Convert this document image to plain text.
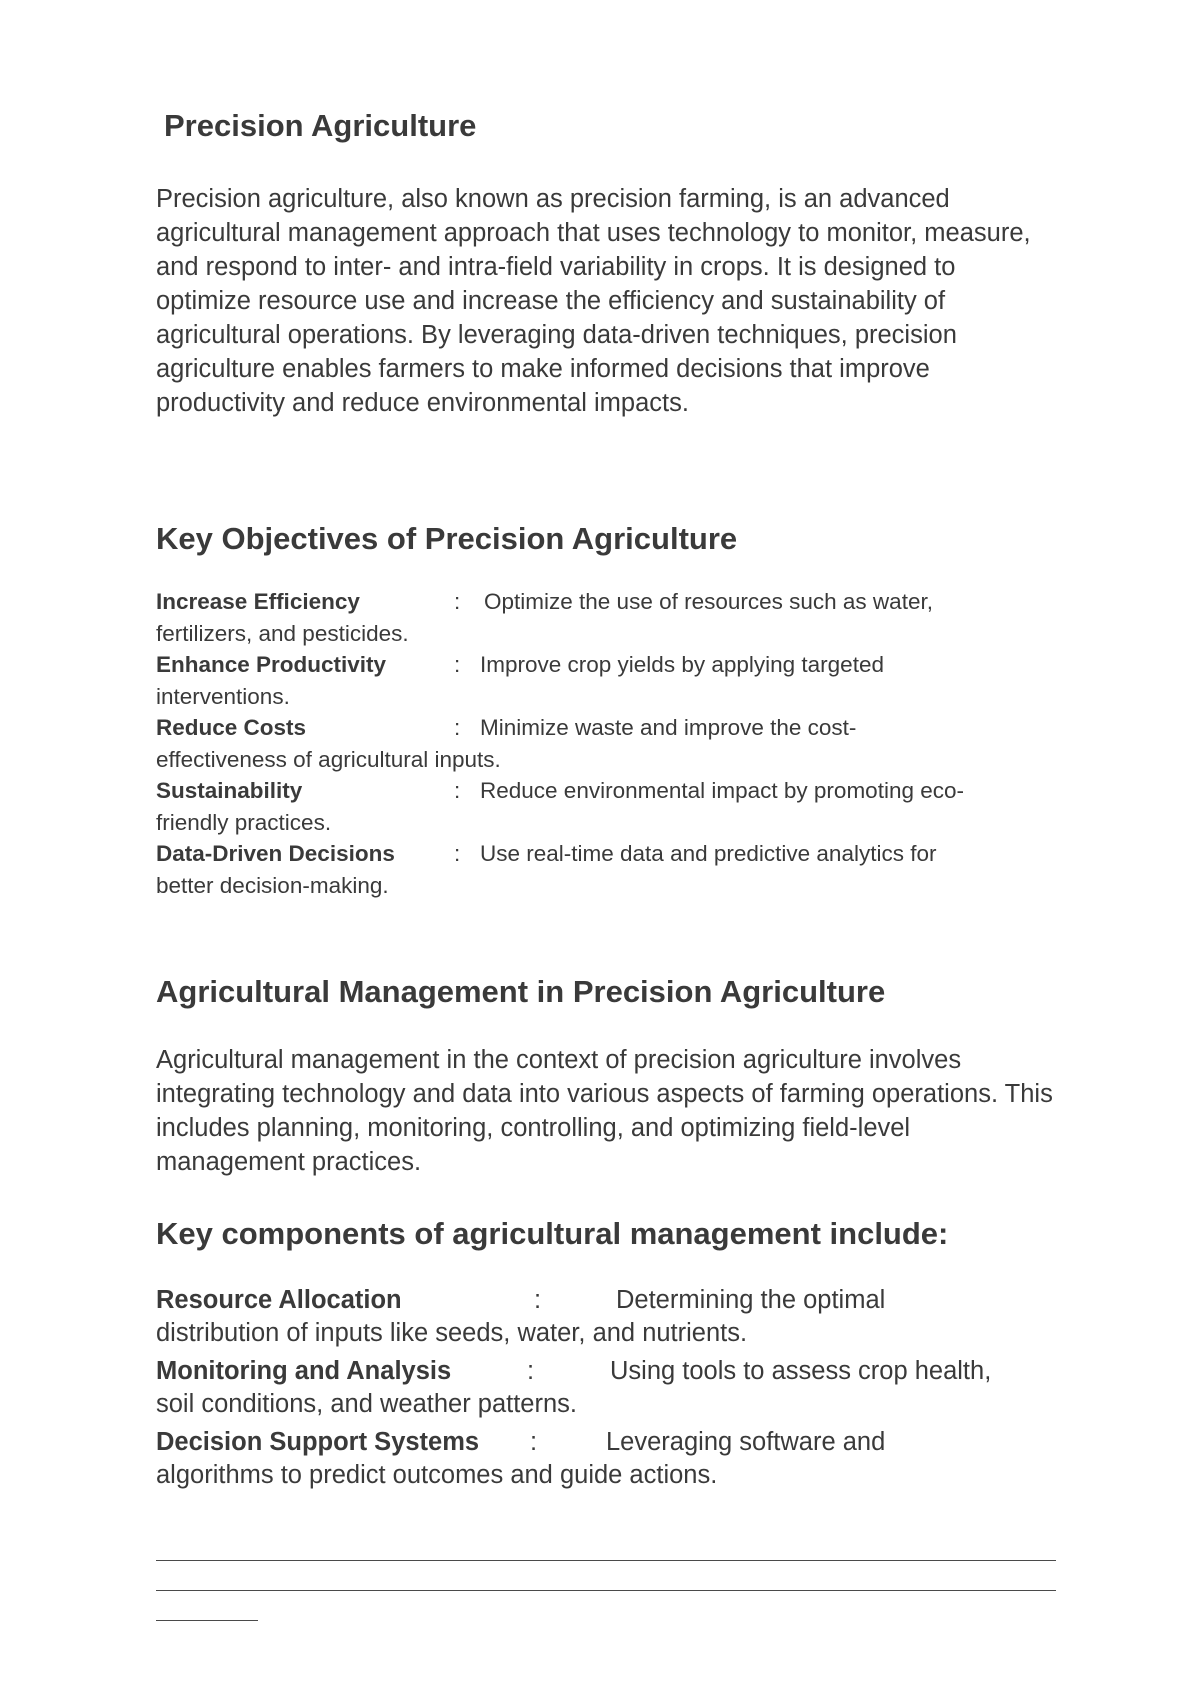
Precision Agriculture

Precision agriculture, also known as precision farming, is an advanced agricultural management approach that uses technology to monitor, measure, and respond to inter- and intra-field variability in crops. It is designed to optimize resource use and increase the efficiency and sustainability of agricultural operations. By leveraging data-driven techniques, precision agriculture enables farmers to make informed decisions that improve productivity and reduce environmental impacts.

Key Objectives of Precision Agriculture
Increase Efficiency	: Optimize the use of resources such as water,
fertilizers, and pesticides.
Enhance Productivity	: Improve crop yields by applying targeted
interventions.
Reduce Costs	: Minimize waste and improve the cost-
effectiveness of agricultural inputs.
Sustainability	: Reduce environmental impact by promoting eco-
friendly practices.
Data-Driven Decisions	: Use real-time data and predictive analytics for
better decision-making.
Agricultural Management in Precision Agriculture

Agricultural management in the context of precision agriculture involves integrating technology and data into various aspects of farming operations. This includes planning, monitoring, controlling, and optimizing field-level management practices.

Key components of agricultural management include:
Resource Allocation	:	Determining the optimal
distribution of inputs like seeds, water, and nutrients.
Monitoring and Analysis	:	Using tools to assess crop health,
soil conditions, and weather patterns.
Decision Support Systems :	Leveraging software and
algorithms to predict outcomes and guide actions.
